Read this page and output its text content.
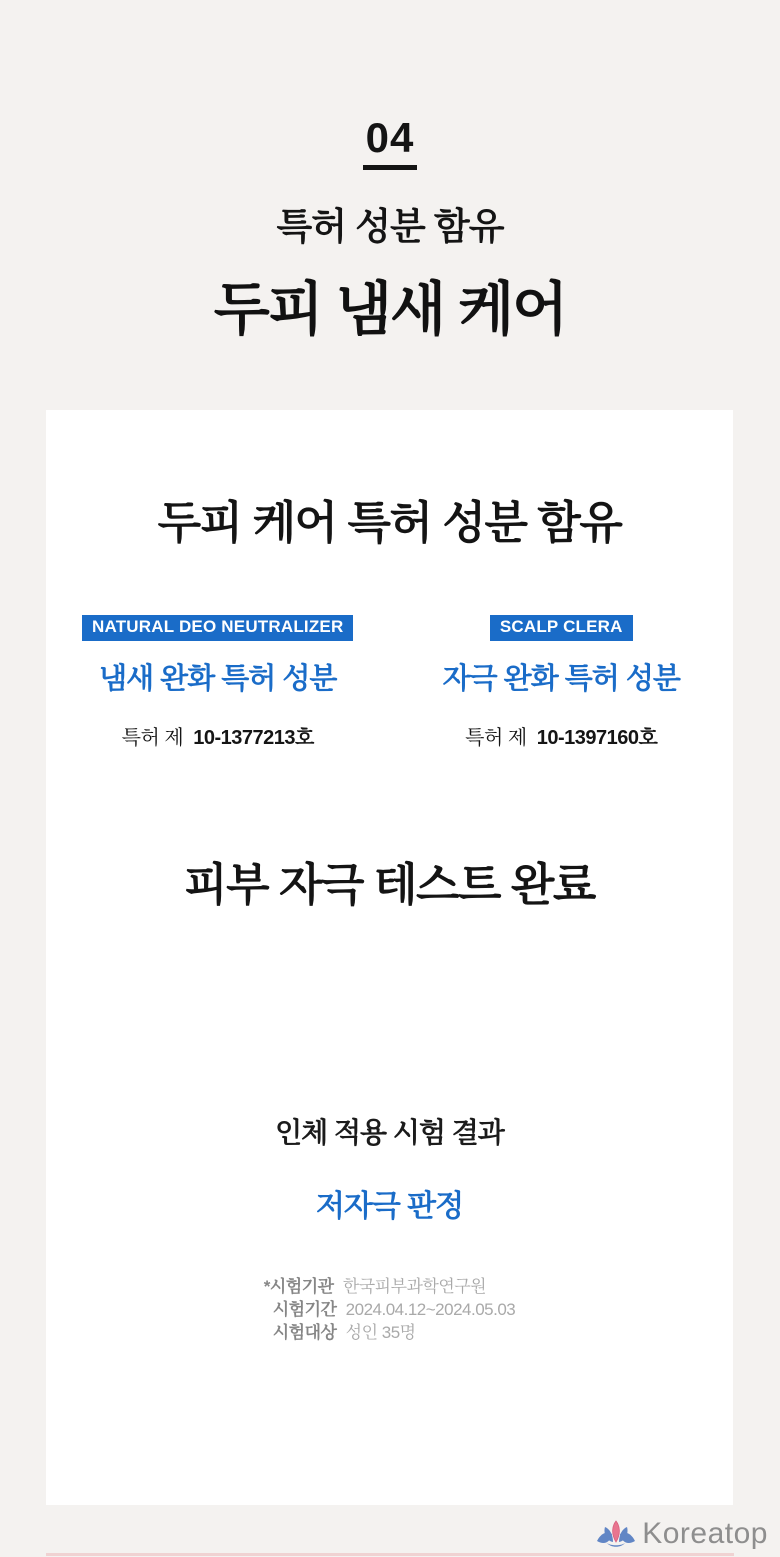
04
특허 성분 함유
두피 냄새 케어
두피 케어 특허 성분 함유
NATURAL DEO NEUTRALIZER
냄새 완화 특허 성분
특허 제 10-1377213호
SCALP CLERA
자극 완화 특허 성분
특허 제 10-1397160호
피부 자극 테스트 완료
인체 적용 시험 결과
저자극 판정
*시험기관 한국피부과학연구원
시험기간 2024.04.12~2024.05.03
시험대상 성인 35명
Koreatop
